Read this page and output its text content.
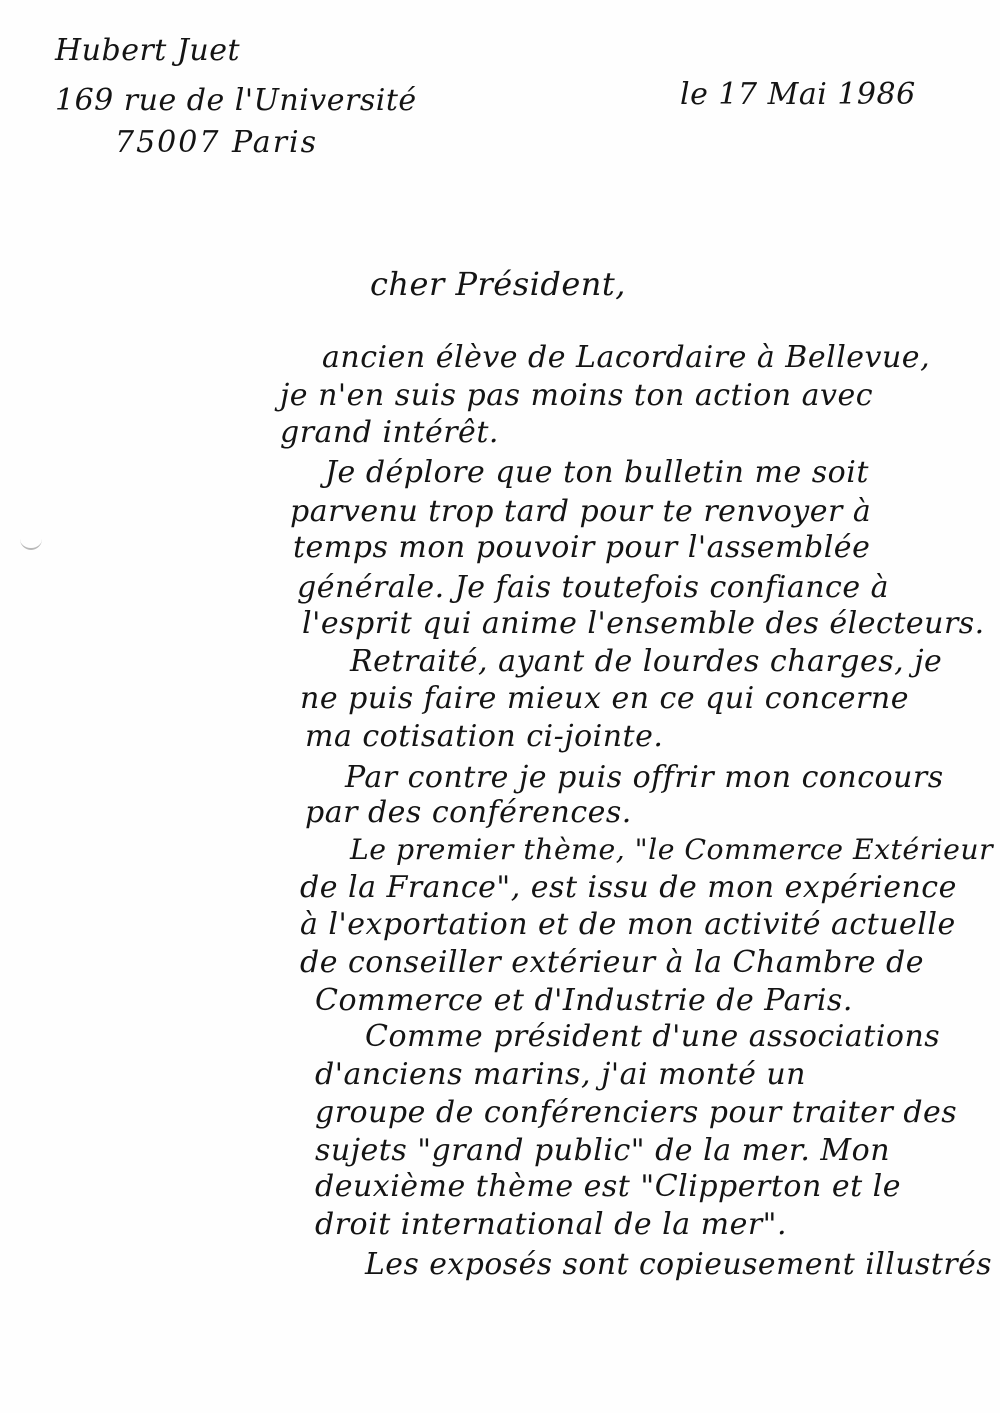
Hubert Juet
169 rue de l'Université
75007 Paris
le 17 Mai 1986
cher Président,
ancien élève de Lacordaire à Bellevue,
je n'en suis pas moins ton action avec
grand intérêt.
Je déplore que ton bulletin me soit
parvenu trop tard pour te renvoyer à
temps mon pouvoir pour l'assemblée
générale. Je fais toutefois confiance à
l'esprit qui anime l'ensemble des électeurs.
Retraité, ayant de lourdes charges, je
ne puis faire mieux en ce qui concerne
ma cotisation ci-jointe.
Par contre je puis offrir mon concours
par des conférences.
Le premier thème, "le Commerce Extérieur
de la France", est issu de mon expérience
à l'exportation et de mon activité actuelle
de conseiller extérieur à la Chambre de
Commerce et d'Industrie de Paris.
Comme président d'une associations
d'anciens marins, j'ai monté un
groupe de conférenciers pour traiter des
sujets "grand public" de la mer. Mon
deuxième thème est "Clipperton et le
droit international de la mer".
Les exposés sont copieusement illustrés
